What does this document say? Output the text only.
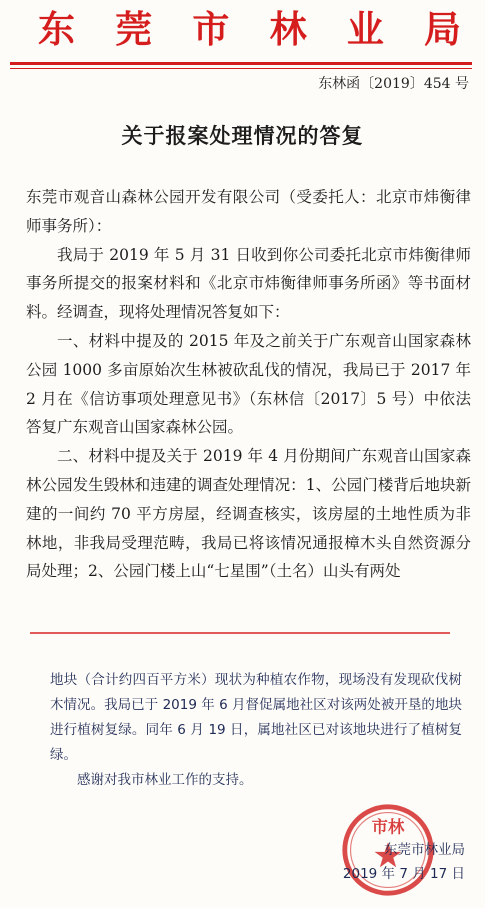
东 莞 市 林 业 局
东林函〔2019〕454 号
关于报案处理情况的答复

东莞市观音山森林公园开发有限公司（受委托人：北京市炜衡律师事务所）：

我局于 2019 年 5 月 31 日收到你公司委托北京市炜衡律师事务所提交的报案材料和《北京市炜衡律师事务所函》等书面材料。经调查，现将处理情况答复如下：

一、材料中提及的 2015 年及之前关于广东观音山国家森林公园 1000 多亩原始次生林被砍乱伐的情况，我局已于 2017 年 2 月在《信访事项处理意见书》（东林信〔2017〕5 号）中依法答复广东观音山国家森林公园。

二、材料中提及关于 2019 年 4 月份期间广东观音山国家森林公园发生毁林和违建的调查处理情况：1、公园门楼背后地块新建的一间约 70 平方房屋，经调查核实，该房屋的土地性质为非林地，非我局受理范畴，我局已将该情况通报樟木头自然资源分局处理；2、公园门楼上山“七星围”（土名）山头有两处

地块（合计约四百平方米）现状为种植农作物，现场没有发现砍伐树木情况。我局已于 2019 年 6 月督促属地社区对该两处被开垦的地块进行植树复绿。同年 6 月 19 日，属地社区已对该地块进行了植树复绿。

感谢对我市林业工作的支持。

市林
东莞市林业局
2019 年 7 月 17 日
